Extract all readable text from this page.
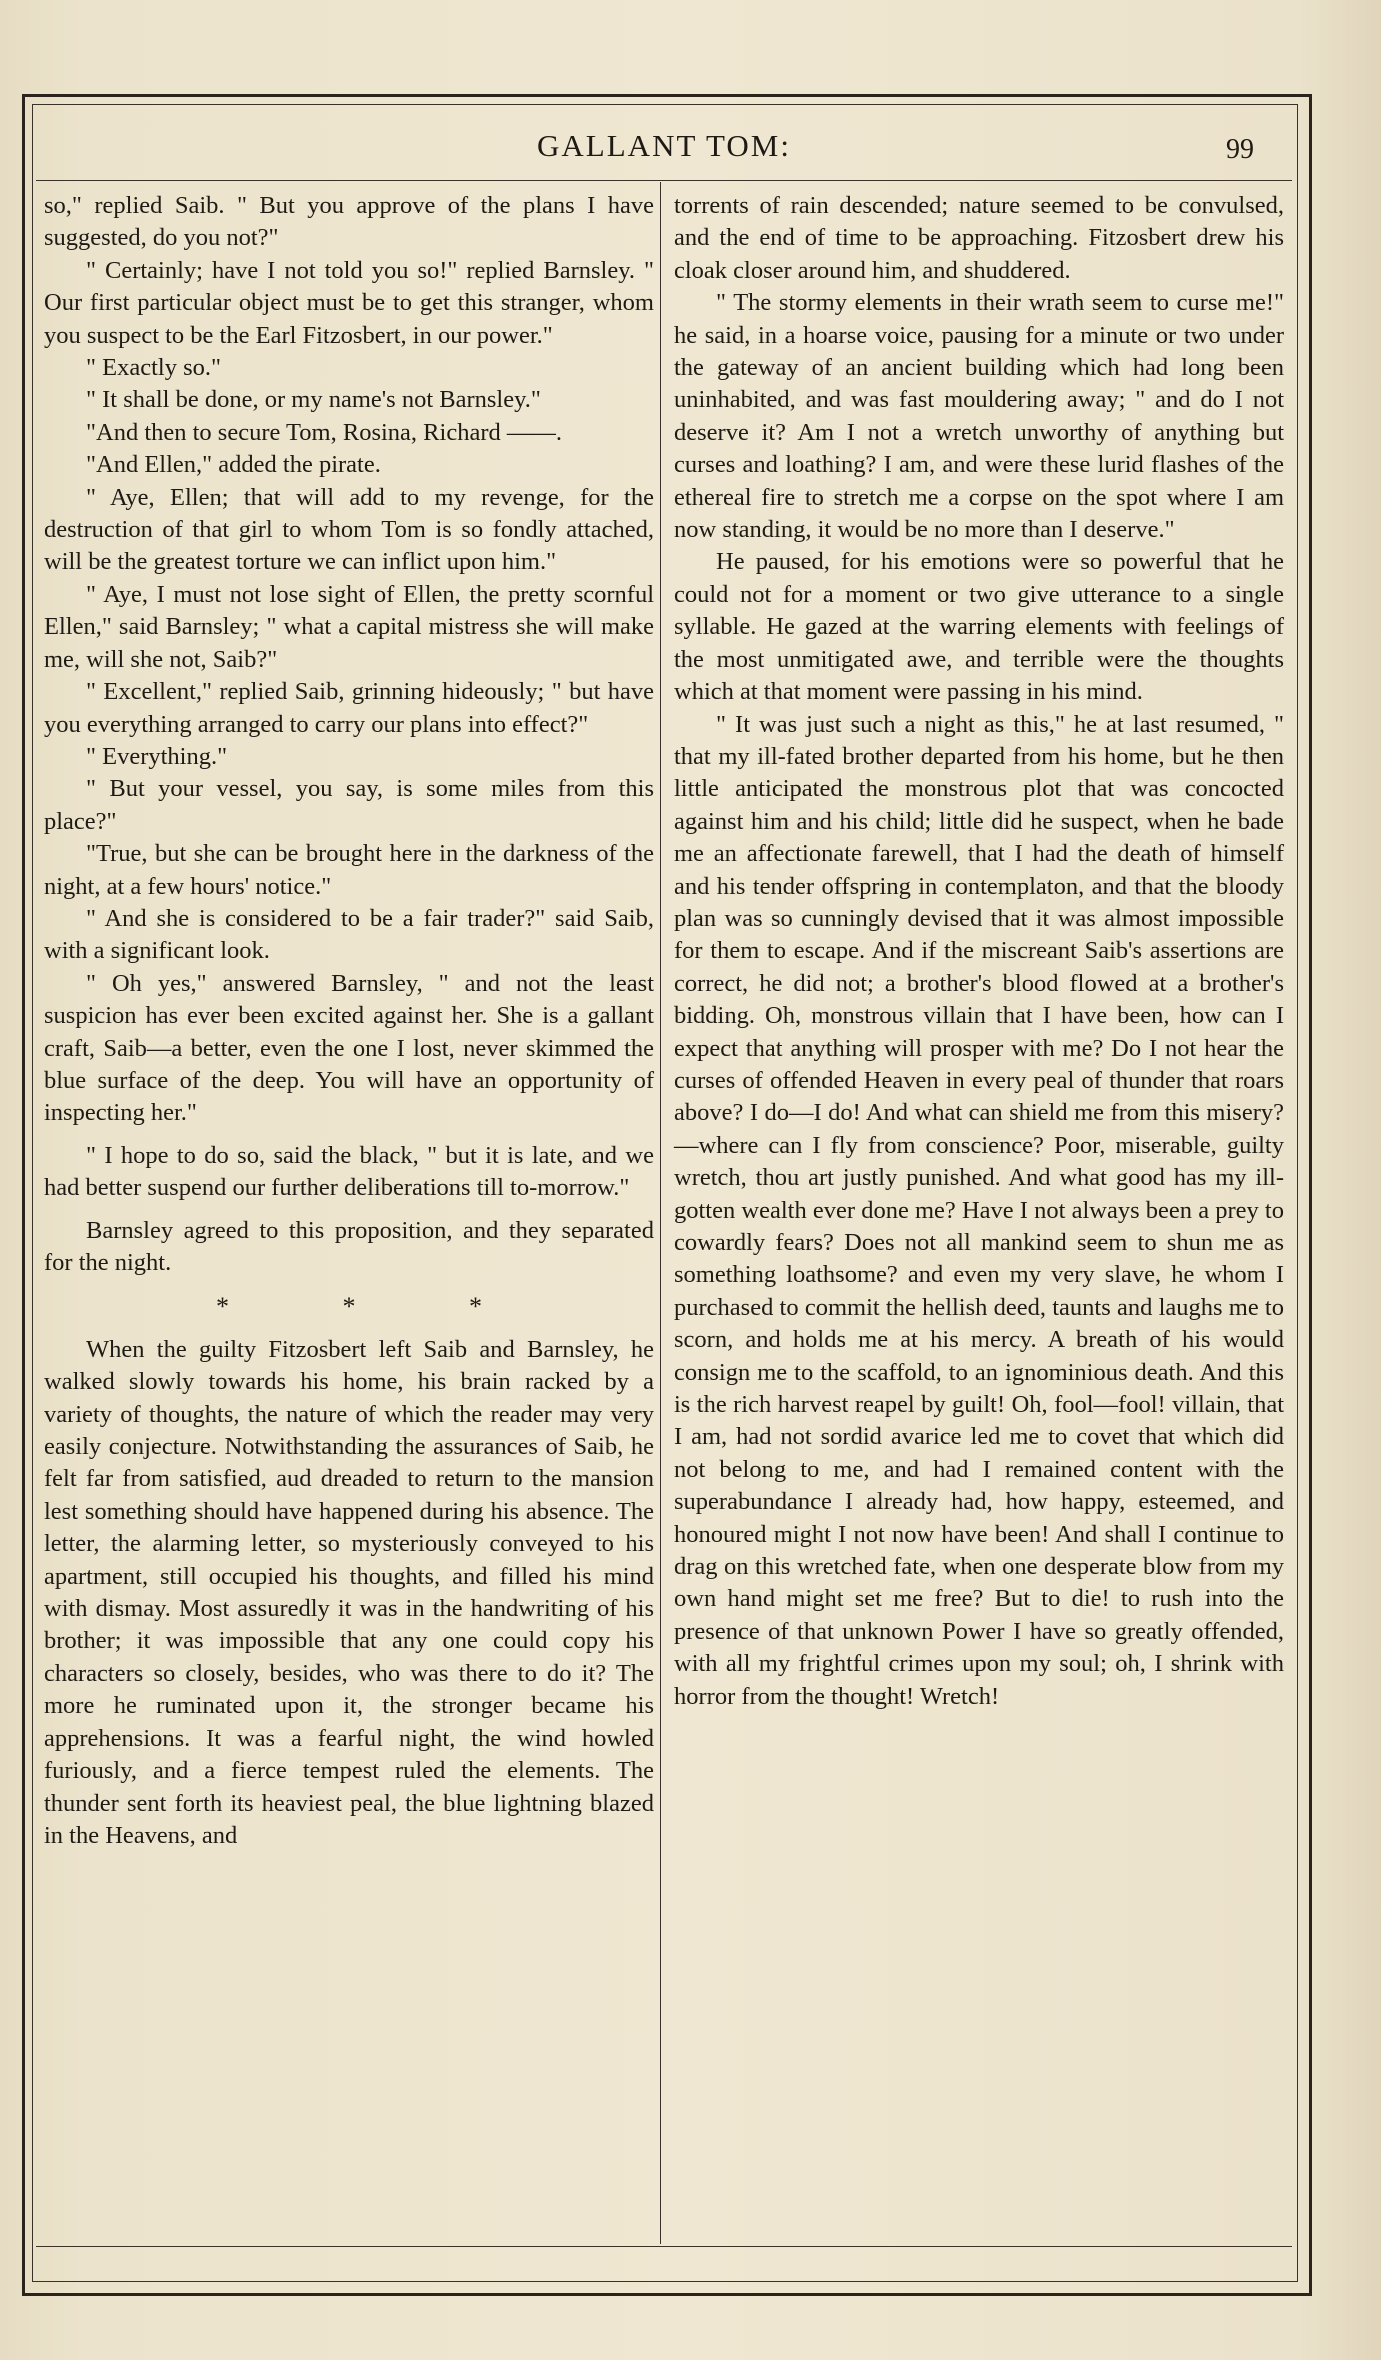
GALLANT TOM:	99

so," replied Saib. " But you approve of the plans I have suggested, do you not?"

" Certainly; have I not told you so!" replied Barnsley. " Our first particular object must be to get this stranger, whom you suspect to be the Earl Fitzosbert, in our power."

" Exactly so."

" It shall be done, or my name's not Barnsley."

"And then to secure Tom, Rosina, Richard ——.

"And Ellen," added the pirate.

" Aye, Ellen; that will add to my revenge, for the destruction of that girl to whom Tom is so fondly attached, will be the greatest torture we can inflict upon him."

" Aye, I must not lose sight of Ellen, the pretty scornful Ellen," said Barnsley; " what a capital mistress she will make me, will she not, Saib?"

" Excellent," replied Saib, grinning hideously; " but have you everything arranged to carry our plans into effect?"

" Everything."

" But your vessel, you say, is some miles from this place?"

"True, but she can be brought here in the darkness of the night, at a few hours' notice."

" And she is considered to be a fair trader?" said Saib, with a significant look.

" Oh yes," answered Barnsley, " and not the least suspicion has ever been excited against her. She is a gallant craft, Saib—a better, even the one I lost, never skimmed the blue surface of the deep. You will have an opportunity of inspecting her."

" I hope to do so, said the black, " but it is late, and we had better suspend our further deliberations till to-morrow."

Barnsley agreed to this proposition, and they separated for the night.

*	*	*

When the guilty Fitzosbert left Saib and Barnsley, he walked slowly towards his home, his brain racked by a variety of thoughts, the nature of which the reader may very easily conjecture. Notwithstanding the assurances of Saib, he felt far from satisfied, aud dreaded to return to the mansion lest something should have happened during his absence. The letter, the alarming letter, so mysteriously conveyed to his apartment, still occupied his thoughts, and filled his mind with dismay. Most assuredly it was in the handwriting of his brother; it was impossible that any one could copy his characters so closely, besides, who was there to do it? The more he ruminated upon it, the stronger became his apprehensions. It was a fearful night, the wind howled furiously, and a fierce tempest ruled the elements. The thunder sent forth its heaviest peal, the blue lightning blazed in the Heavens, and

torrents of rain descended; nature seemed to be convulsed, and the end of time to be approaching. Fitzosbert drew his cloak closer around him, and shuddered.

" The stormy elements in their wrath seem to curse me!" he said, in a hoarse voice, pausing for a minute or two under the gateway of an ancient building which had long been uninhabited, and was fast mouldering away; " and do I not deserve it? Am I not a wretch unworthy of anything but curses and loathing? I am, and were these lurid flashes of the ethereal fire to stretch me a corpse on the spot where I am now standing, it would be no more than I deserve."

He paused, for his emotions were so powerful that he could not for a moment or two give utterance to a single syllable. He gazed at the warring elements with feelings of the most unmitigated awe, and terrible were the thoughts which at that moment were passing in his mind.

" It was just such a night as this," he at last resumed, " that my ill-fated brother departed from his home, but he then little anticipated the monstrous plot that was concocted against him and his child; little did he suspect, when he bade me an affectionate farewell, that I had the death of himself and his tender offspring in contemplaton, and that the bloody plan was so cunningly devised that it was almost impossible for them to escape. And if the miscreant Saib's assertions are correct, he did not; a brother's blood flowed at a brother's bidding. Oh, monstrous villain that I have been, how can I expect that anything will prosper with me? Do I not hear the curses of offended Heaven in every peal of thunder that roars above? I do—I do! And what can shield me from this misery?—where can I fly from conscience? Poor, miserable, guilty wretch, thou art justly punished. And what good has my ill-gotten wealth ever done me? Have I not always been a prey to cowardly fears? Does not all mankind seem to shun me as something loathsome? and even my very slave, he whom I purchased to commit the hellish deed, taunts and laughs me to scorn, and holds me at his mercy. A breath of his would consign me to the scaffold, to an ignominious death. And this is the rich harvest reapel by guilt! Oh, fool—fool! villain, that I am, had not sordid avarice led me to covet that which did not belong to me, and had I remained content with the superabundance I already had, how happy, esteemed, and honoured might I not now have been! And shall I continue to drag on this wretched fate, when one desperate blow from my own hand might set me free? But to die! to rush into the presence of that unknown Power I have so greatly offended, with all my frightful crimes upon my soul; oh, I shrink with horror from the thought! Wretch!
